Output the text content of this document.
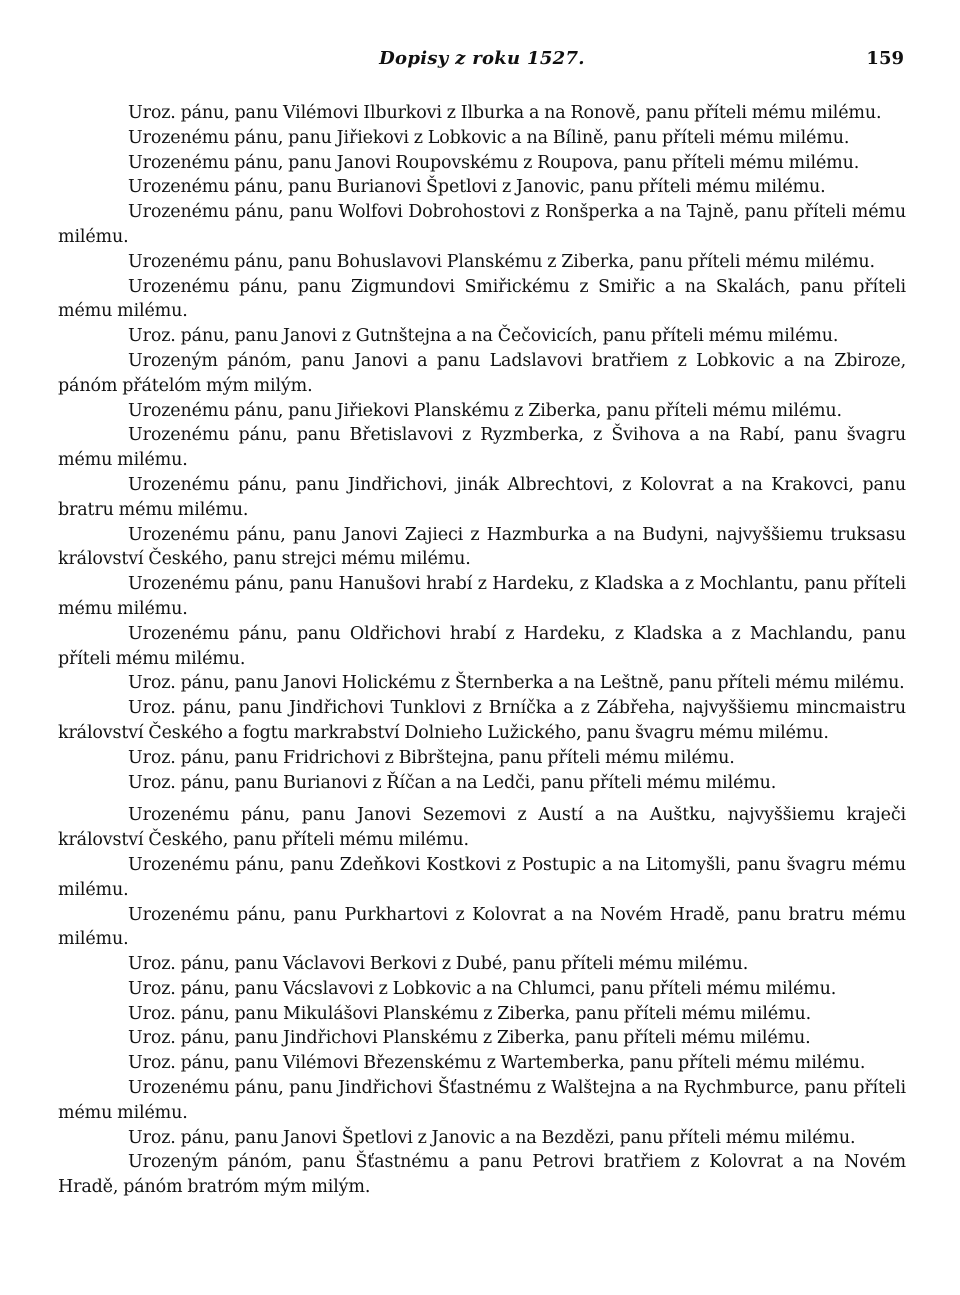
Dopisy z roku 1527.	159

Uroz. pánu, panu Vilémovi Ilburkovi z Ilburka a na Ronově, panu příteli mému milému.

Urozenému pánu, panu Jiřiekovi z Lobkovic a na Bílině, panu příteli mému milému.

Urozenému pánu, panu Janovi Roupovskému z Roupova, panu příteli mému milému.

Urozenému pánu, panu Burianovi Špetlovi z Janovic, panu příteli mému milému.

Urozenému pánu, panu Wolfovi Dobrohostovi z Ronšperka a na Tajně, panu příteli mému milému.

Urozenému pánu, panu Bohuslavovi Planskému z Ziberka, panu příteli mému milému.

Urozenému pánu, panu Zigmundovi Smiřickému z Smiřic a na Skalách, panu příteli mému milému.

Uroz. pánu, panu Janovi z Gutnštejna a na Čečovicích, panu příteli mému milému.

Urozeným pánóm, panu Janovi a panu Ladslavovi bratřiem z Lobkovic a na Zbiroze, pánóm přátelóm mým milým.

Urozenému pánu, panu Jiřiekovi Planskému z Ziberka, panu příteli mému milému.

Urozenému pánu, panu Břetislavovi z Ryzmberka, z Švihova a na Rabí, panu švagru mému milému.

Urozenému pánu, panu Jindřichovi, jinák Albrechtovi, z Kolovrat a na Krakovci, panu bratru mému milému.

Urozenému pánu, panu Janovi Zajieci z Hazmburka a na Budyni, najvyššiemu truksasu království Českého, panu strejci mému milému.

Urozenému pánu, panu Hanušovi hrabí z Hardeku, z Kladska a z Mochlantu, panu příteli mému milému.

Urozenému pánu, panu Oldřichovi hrabí z Hardeku, z Kladska a z Machlandu, panu příteli mému milému.

Uroz. pánu, panu Janovi Holickému z Šternberka a na Leštně, panu příteli mému milému.

Uroz. pánu, panu Jindřichovi Tunklovi z Brníčka a z Zábřeha, najvyššiemu mincmaistru království Českého a fogtu markrabství Dolnieho Lužického, panu švagru mému milému.

Uroz. pánu, panu Fridrichovi z Bibrštejna, panu příteli mému milému.

Uroz. pánu, panu Burianovi z Říčan a na Ledči, panu příteli mému milému.

Urozenému pánu, panu Janovi Sezemovi z Austí a na Auštku, najvyššiemu kraječi království Českého, panu příteli mému milému.

Urozenému pánu, panu Zdeňkovi Kostkovi z Postupic a na Litomyšli, panu švagru mému milému.

Urozenému pánu, panu Purkhartovi z Kolovrat a na Novém Hradě, panu bratru mému milému.

Uroz. pánu, panu Václavovi Berkovi z Dubé, panu příteli mému milému.

Uroz. pánu, panu Vácslavovi z Lobkovic a na Chlumci, panu příteli mému milému.

Uroz. pánu, panu Mikulášovi Planskému z Ziberka, panu příteli mému milému.

Uroz. pánu, panu Jindřichovi Planskému z Ziberka, panu příteli mému milému.

Uroz. pánu, panu Vilémovi Březenskému z Wartemberka, panu příteli mému milému.

Urozenému pánu, panu Jindřichovi Šťastnému z Walštejna a na Rychmburce, panu příteli mému milému.

Uroz. pánu, panu Janovi Špetlovi z Janovic a na Bezdězi, panu příteli mému milému.

Urozeným pánóm, panu Šťastnému a panu Petrovi bratřiem z Kolovrat a na Novém Hradě, pánóm bratróm mým milým.
